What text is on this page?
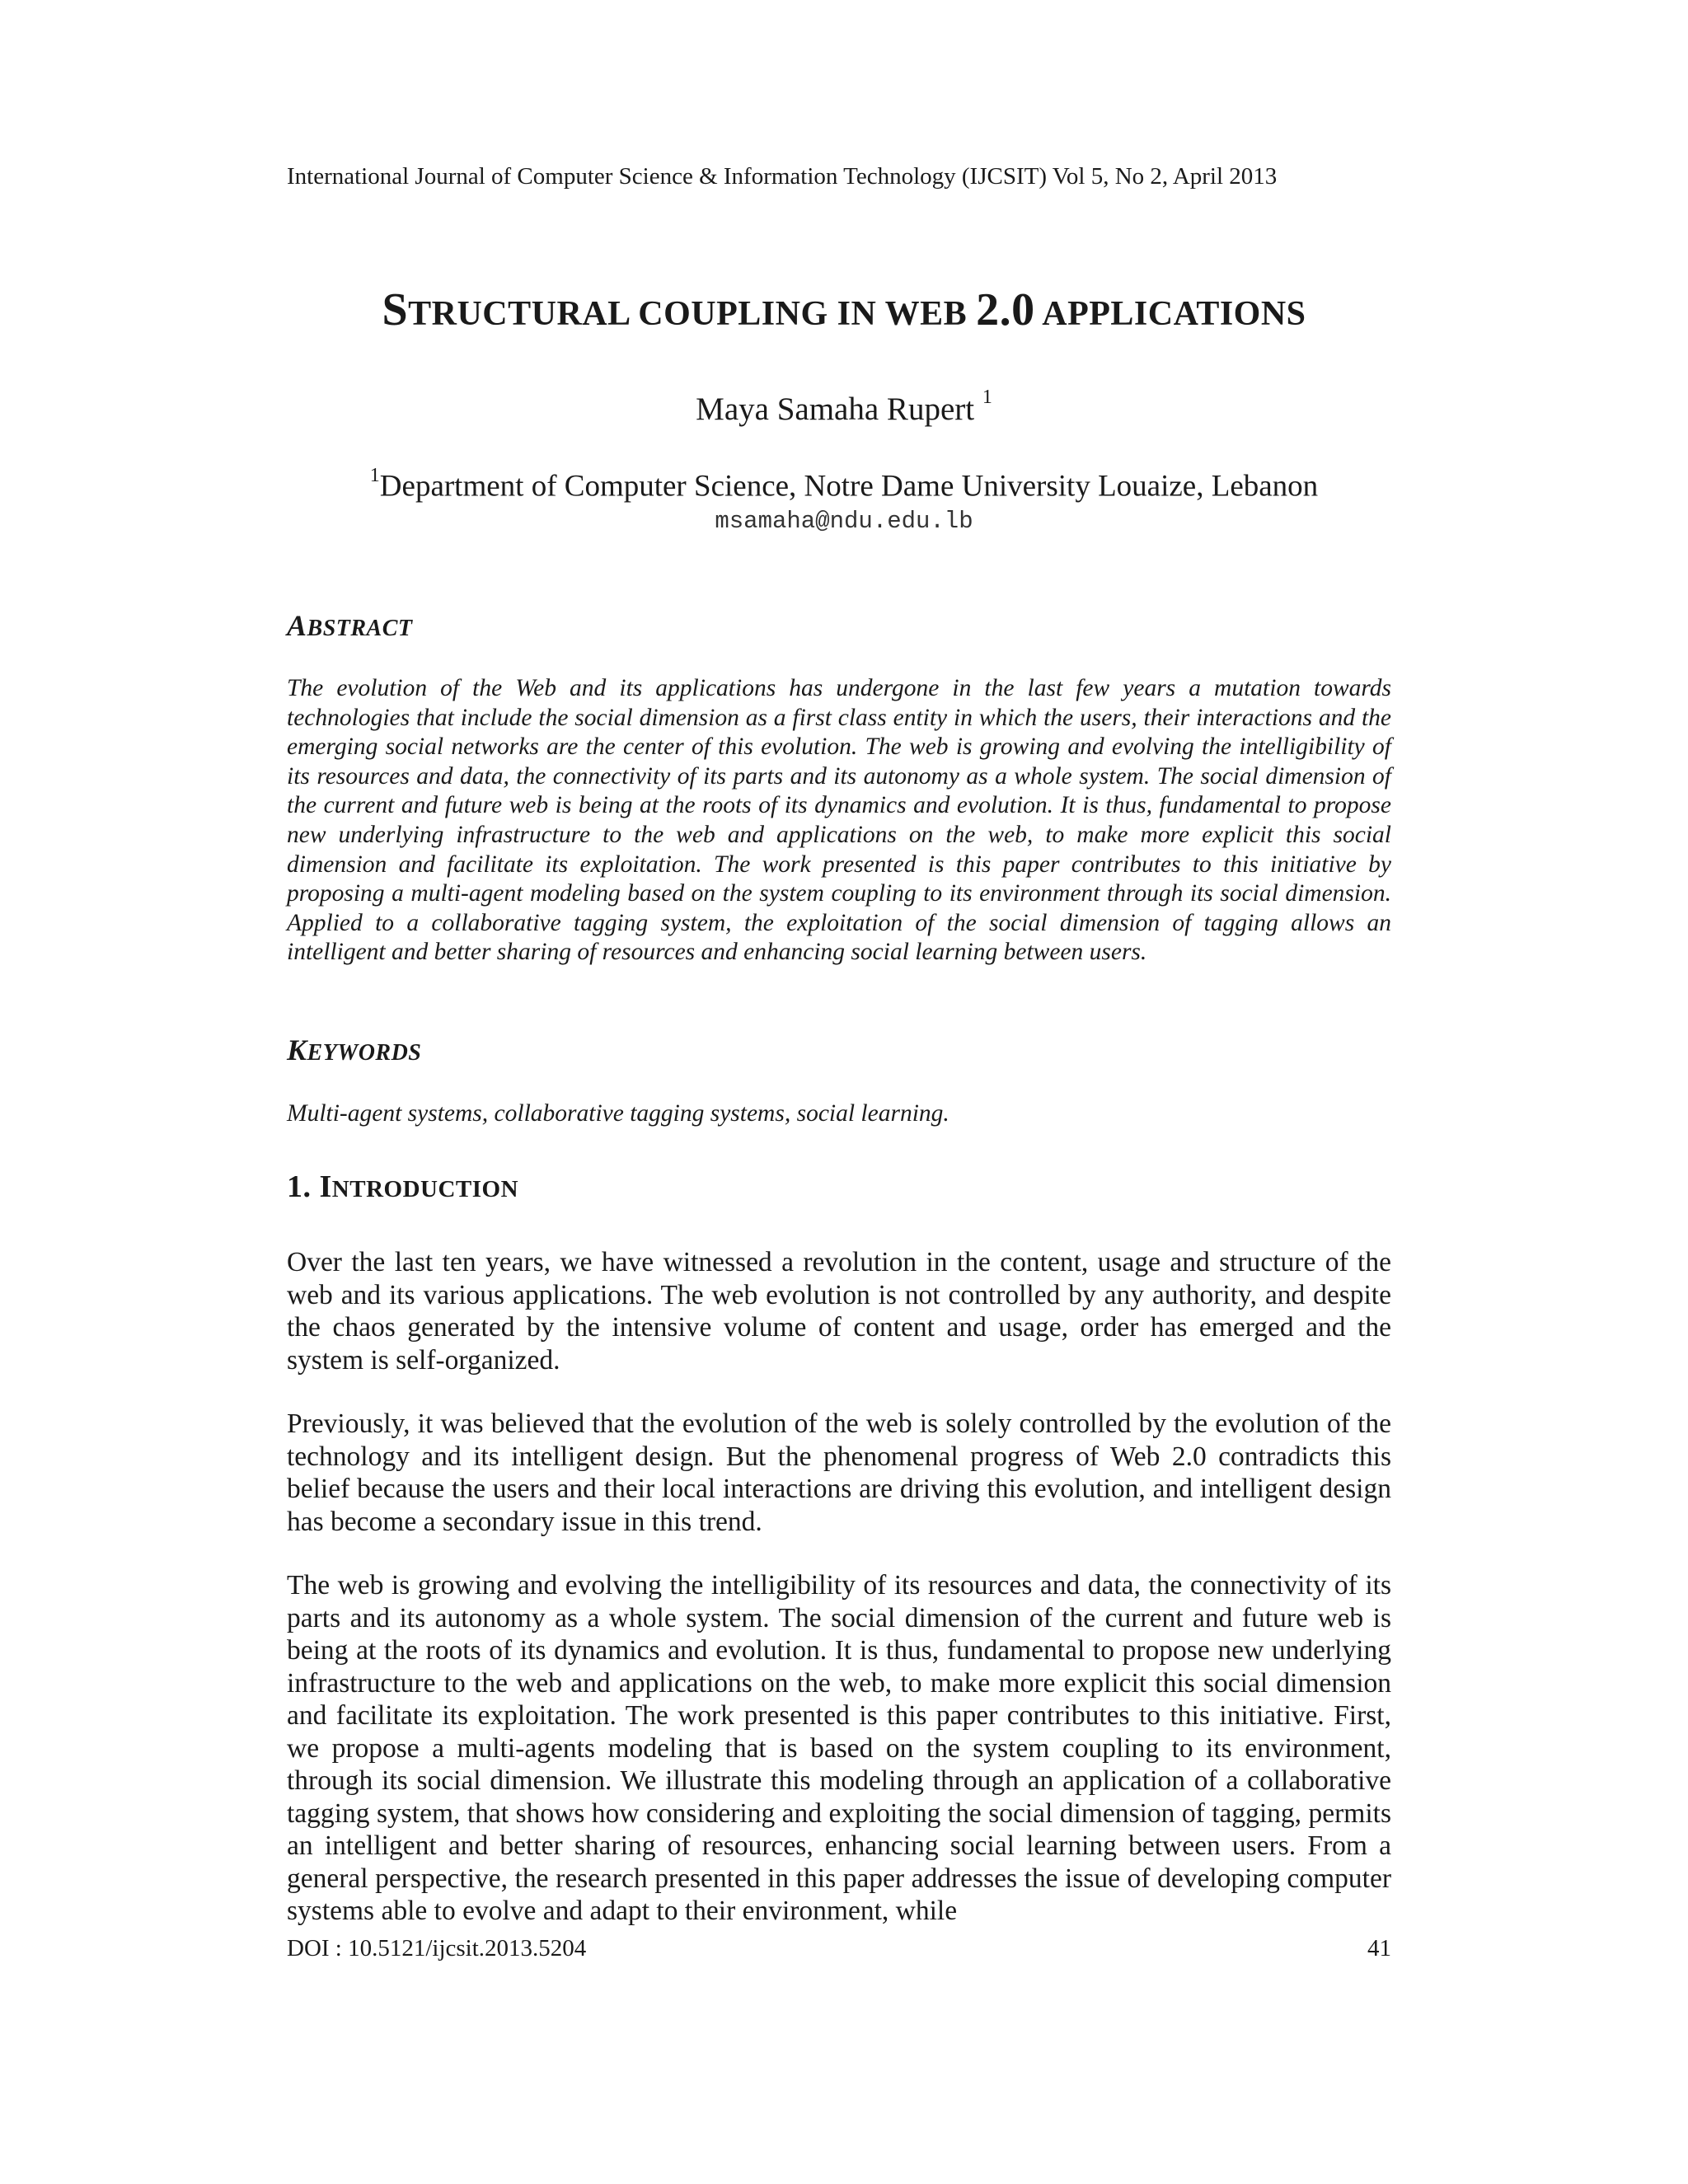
International Journal of Computer Science & Information Technology (IJCSIT) Vol 5, No 2, April 2013
STRUCTURAL COUPLING IN WEB 2.0 APPLICATIONS
Maya Samaha Rupert $^1$
$^1$Department of Computer Science, Notre Dame University Louaize, Lebanon
msamaha@ndu.edu.lb
ABSTRACT

The evolution of the Web and its applications has undergone in the last few years a mutation towards technologies that include the social dimension as a first class entity in which the users, their interactions and the emerging social networks are the center of this evolution. The web is growing and evolving the intelligibility of its resources and data, the connectivity of its parts and its autonomy as a whole system. The social dimension of the current and future web is being at the roots of its dynamics and evolution. It is thus, fundamental to propose new underlying infrastructure to the web and applications on the web, to make more explicit this social dimension and facilitate its exploitation. The work presented is this paper contributes to this initiative by proposing a multi-agent modeling based on the system coupling to its environment through its social dimension. Applied to a collaborative tagging system, the exploitation of the social dimension of tagging allows an intelligent and better sharing of resources and enhancing social learning between users.

KEYWORDS

Multi-agent systems, collaborative tagging systems, social learning.

1. INTRODUCTION

Over the last ten years, we have witnessed a revolution in the content, usage and structure of the web and its various applications. The web evolution is not controlled by any authority, and despite the chaos generated by the intensive volume of content and usage, order has emerged and the system is self-organized.

Previously, it was believed that the evolution of the web is solely controlled by the evolution of the technology and its intelligent design. But the phenomenal progress of Web 2.0 contradicts this belief because the users and their local interactions are driving this evolution, and intelligent design has become a secondary issue in this trend.

The web is growing and evolving the intelligibility of its resources and data, the connectivity of its parts and its autonomy as a whole system. The social dimension of the current and future web is being at the roots of its dynamics and evolution. It is thus, fundamental to propose new underlying infrastructure to the web and applications on the web, to make more explicit this social dimension and facilitate its exploitation. The work presented is this paper contributes to this initiative. First, we propose a multi-agents modeling that is based on the system coupling to its environment, through its social dimension. We illustrate this modeling through an application of a collaborative tagging system, that shows how considering and exploiting the social dimension of tagging, permits an intelligent and better sharing of resources, enhancing social learning between users. From a general perspective, the research presented in this paper addresses the issue of developing computer systems able to evolve and adapt to their environment, while

DOI : 10.5121/ijcsit.2013.5204	41
